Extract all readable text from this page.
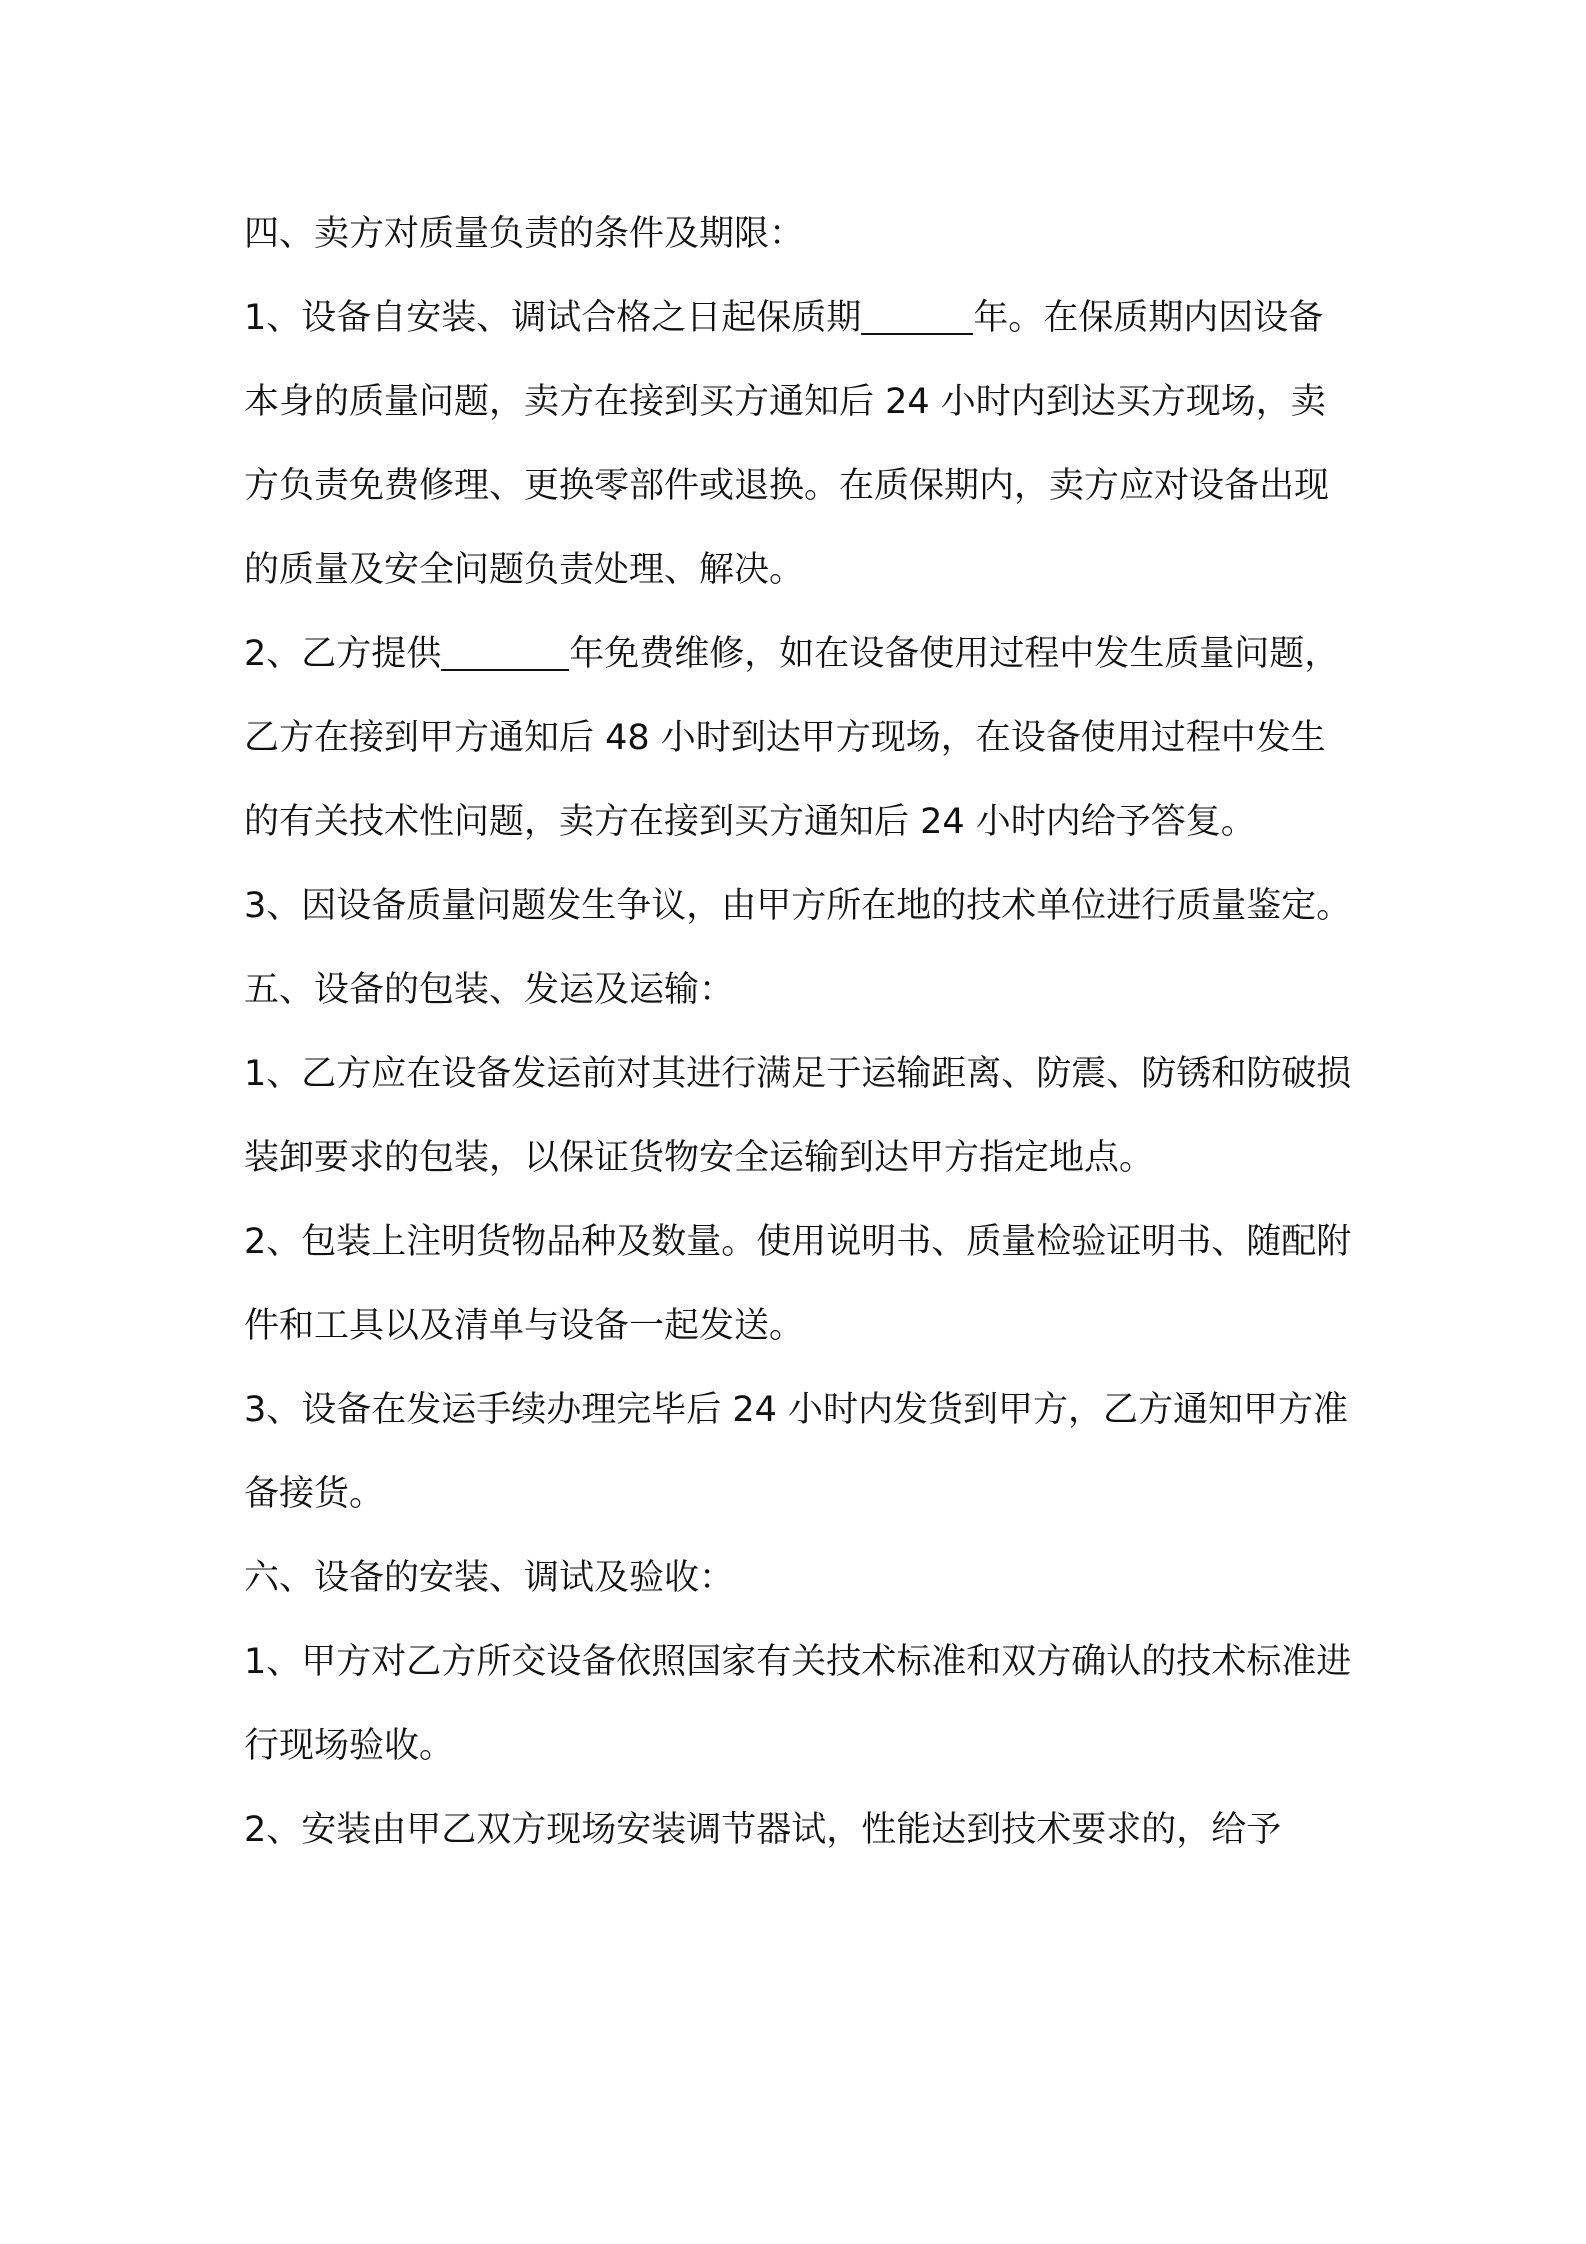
四、卖方对质量负责的条件及期限：

1、设备自安装、调试合格之日起保质期	年。在保质期内因设备本身的质量问题，卖方在接到买方通知后 24 小时内到达买方现场，卖方负责免费修理、更换零部件或退换。在质保期内，卖方应对设备出现的质量及安全问题负责处理、解决。

2、乙方提供	年免费维修，如在设备使用过程中发生质量问题，乙方在接到甲方通知后 48 小时到达甲方现场，在设备使用过程中发生的有关技术性问题，卖方在接到买方通知后 24 小时内给予答复。

3、因设备质量问题发生争议，由甲方所在地的技术单位进行质量鉴定。

五、设备的包装、发运及运输：

1、乙方应在设备发运前对其进行满足于运输距离、防震、防锈和防破损装卸要求的包装，以保证货物安全运输到达甲方指定地点。

2、包装上注明货物品种及数量。使用说明书、质量检验证明书、随配附件和工具以及清单与设备一起发送。

3、设备在发运手续办理完毕后 24 小时内发货到甲方，乙方通知甲方准备接货。

六、设备的安装、调试及验收：

1、甲方对乙方所交设备依照国家有关技术标准和双方确认的技术标准进行现场验收。

2、安装由甲乙双方现场安装调节器试，性能达到技术要求的，给予
